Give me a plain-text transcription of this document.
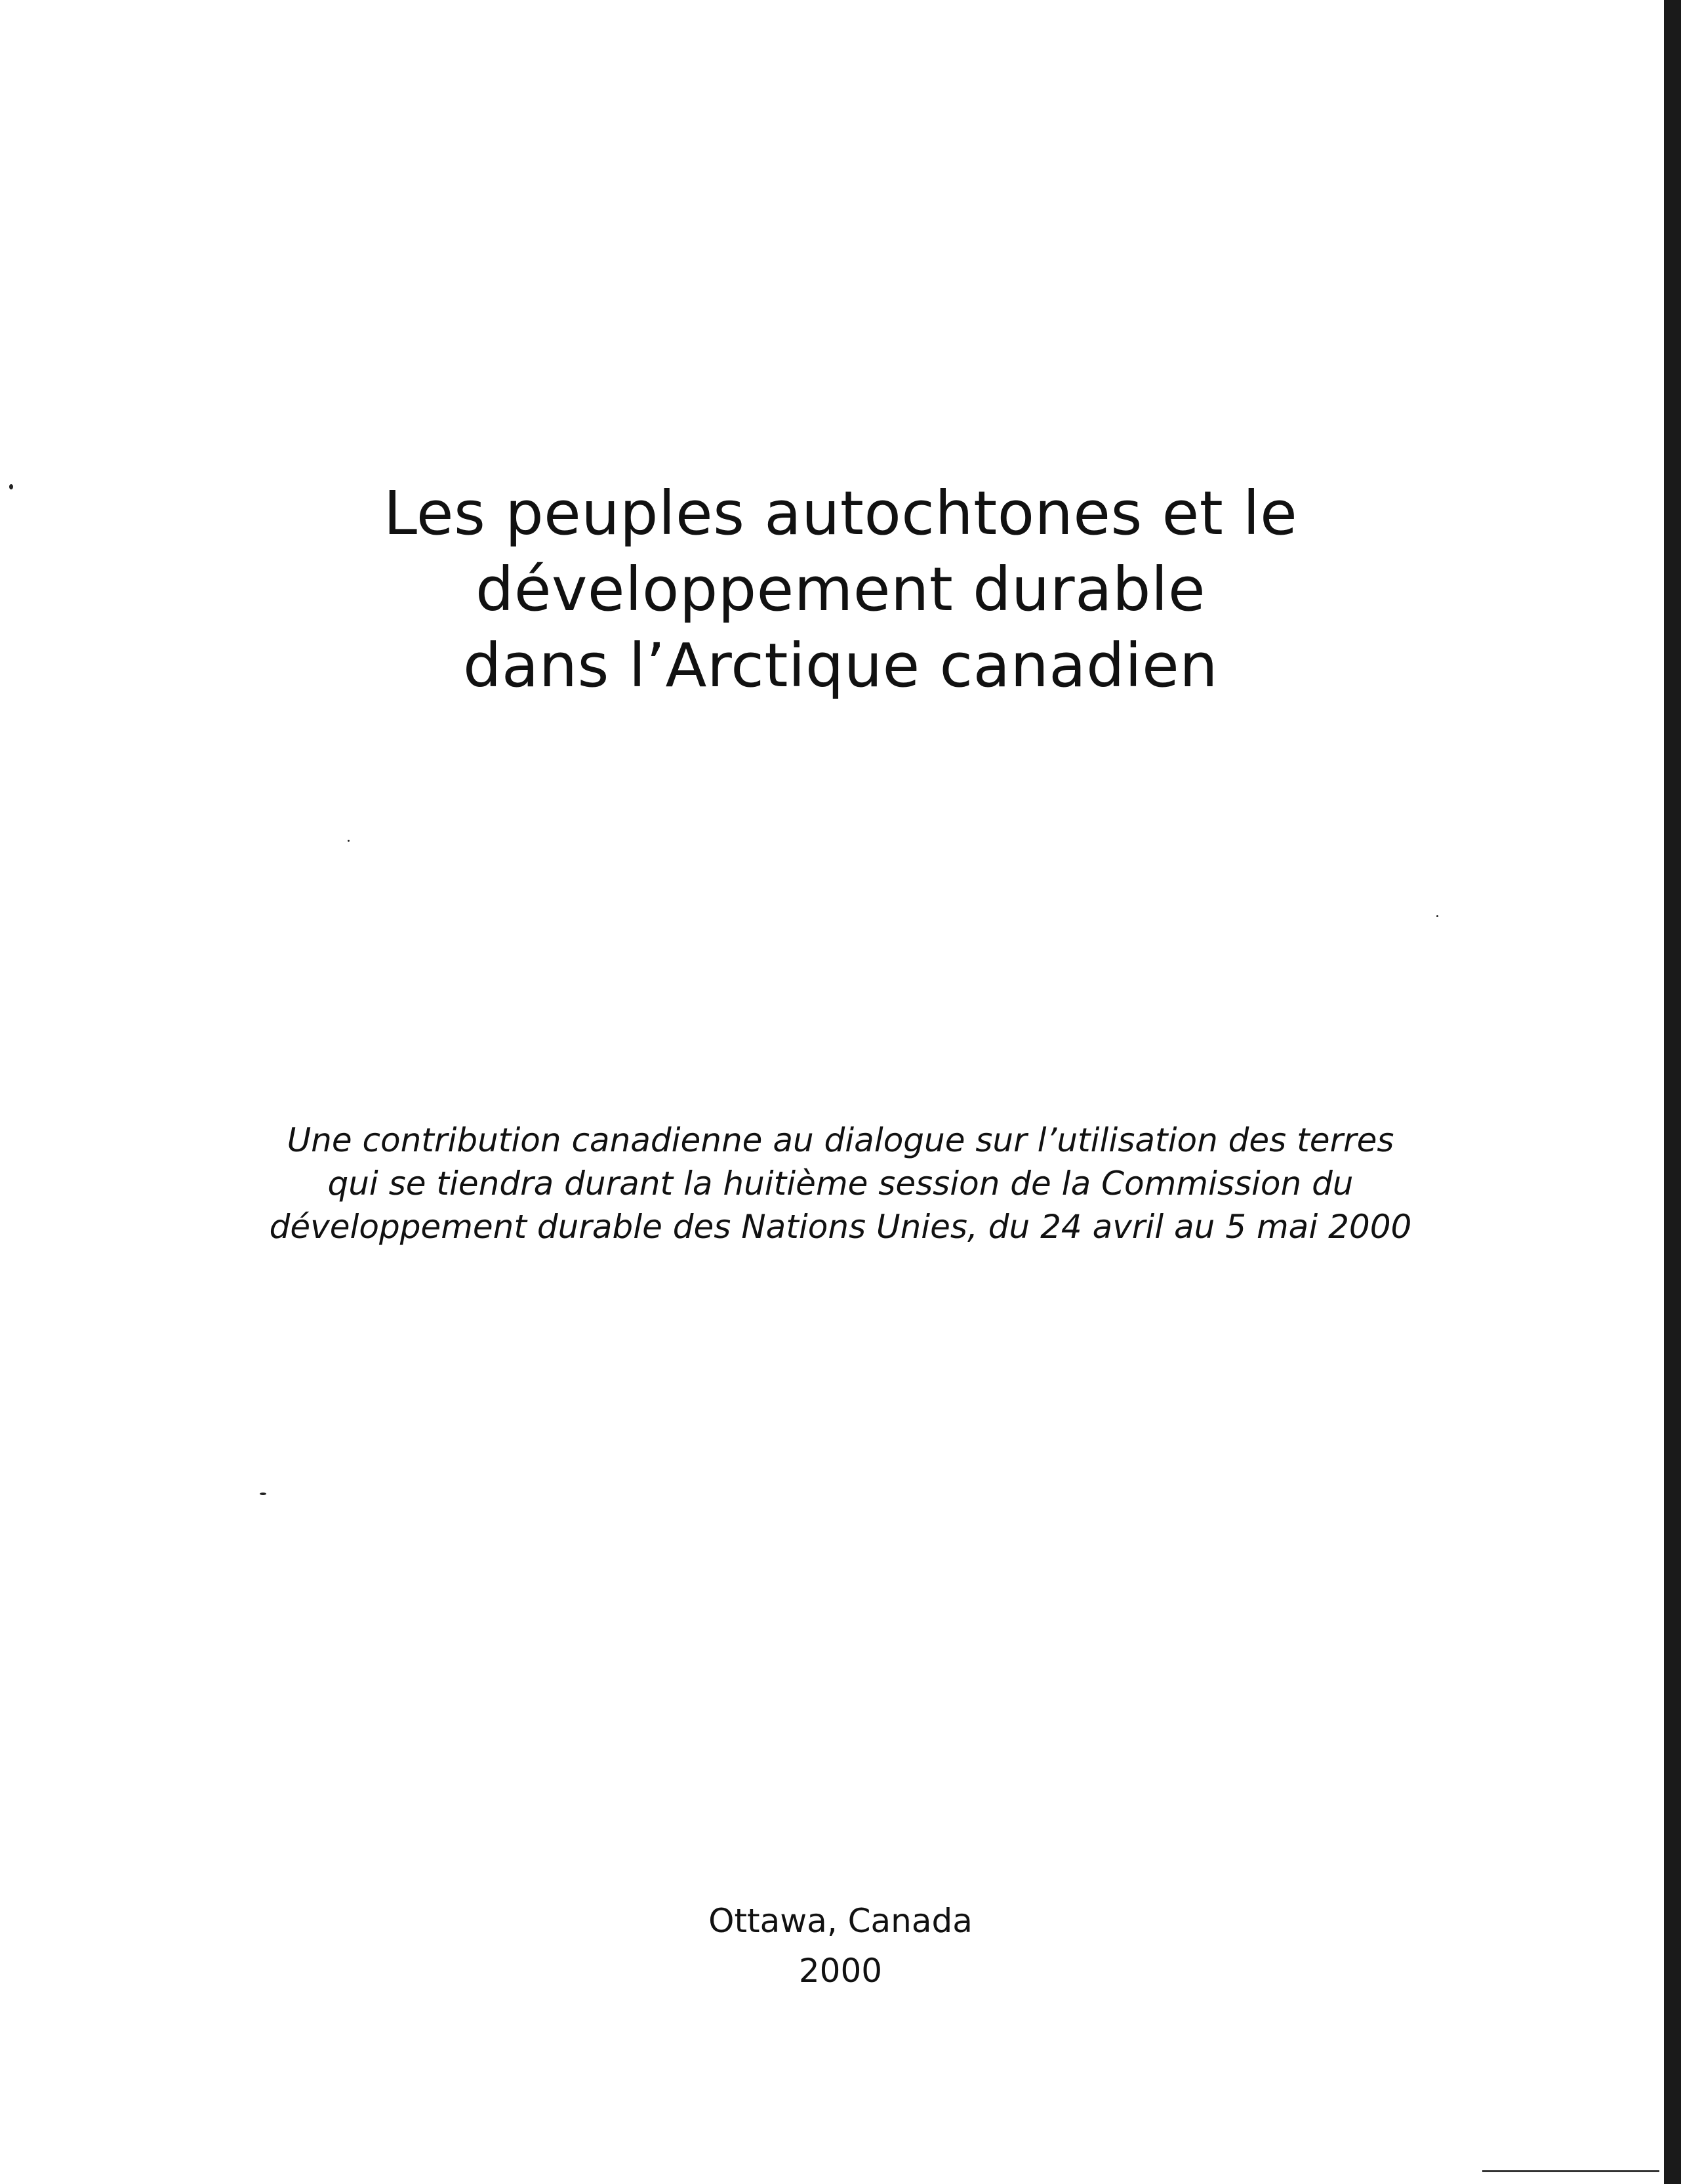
Les peuples autochtones et le
développement durable
dans l’Arctique canadien
Une contribution canadienne au dialogue sur l’utilisation des terres
qui se tiendra durant la huitième session de la Commission du
développement durable des Nations Unies, du 24 avril au 5 mai 2000
Ottawa, Canada
2000
